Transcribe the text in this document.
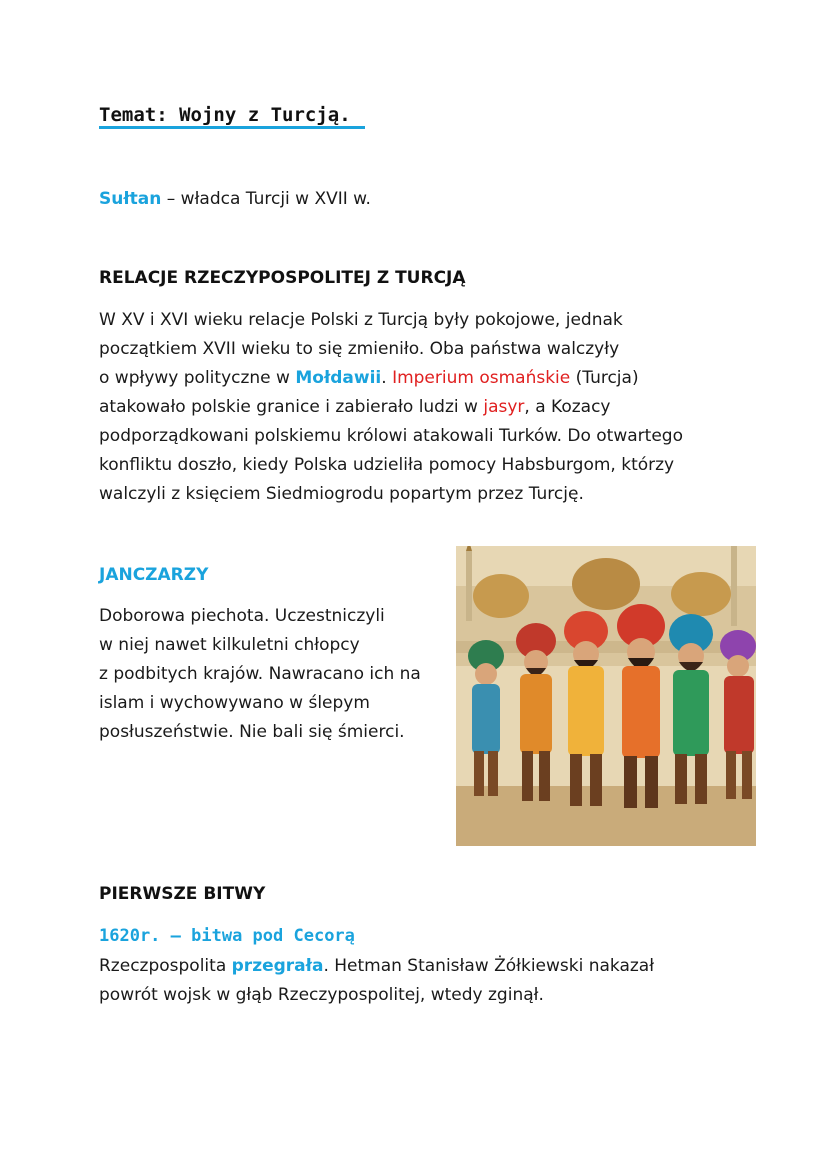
Temat: Wojny z Turcją.
Sułtan – władca Turcji w XVII w.
RELACJE RZECZYPOSPOLITEJ Z TURCJĄ
W XV i XVI wieku relacje Polski z Turcją były pokojowe, jednak
początkiem XVII wieku to się zmieniło. Oba państwa walczyły
o wpływy polityczne w Mołdawii. Imperium osmańskie (Turcja)
atakowało polskie granice i zabierało ludzi w jasyr, a Kozacy
podporządkowani polskiemu królowi atakowali Turków. Do otwartego
konfliktu doszło, kiedy Polska udzieliła pomocy Habsburgom, którzy
walczyli z księciem Siedmiogrodu popartym przez Turcję.
JANCZARZY
Doborowa piechota. Uczestniczyli
w niej nawet kilkuletni chłopcy
z podbitych krajów. Nawracano ich na
islam i wychowywano w ślepym
posłuszeństwie. Nie bali się śmierci.
PIERWSZE BITWY
1620r. – bitwa pod Cecorą
Rzeczpospolita przegrała. Hetman Stanisław Żółkiewski nakazał
powrót wojsk w głąb Rzeczypospolitej, wtedy zginął.
